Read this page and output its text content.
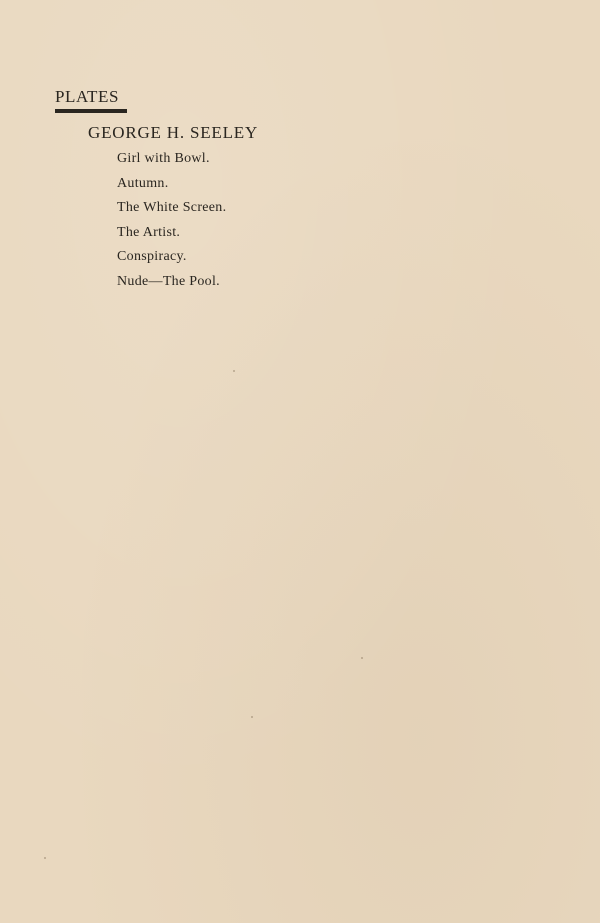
PLATES

GEORGE H. SEELEY

Girl with Bowl.
Autumn.
The White Screen.
The Artist.
Conspiracy.
Nude—The Pool.
